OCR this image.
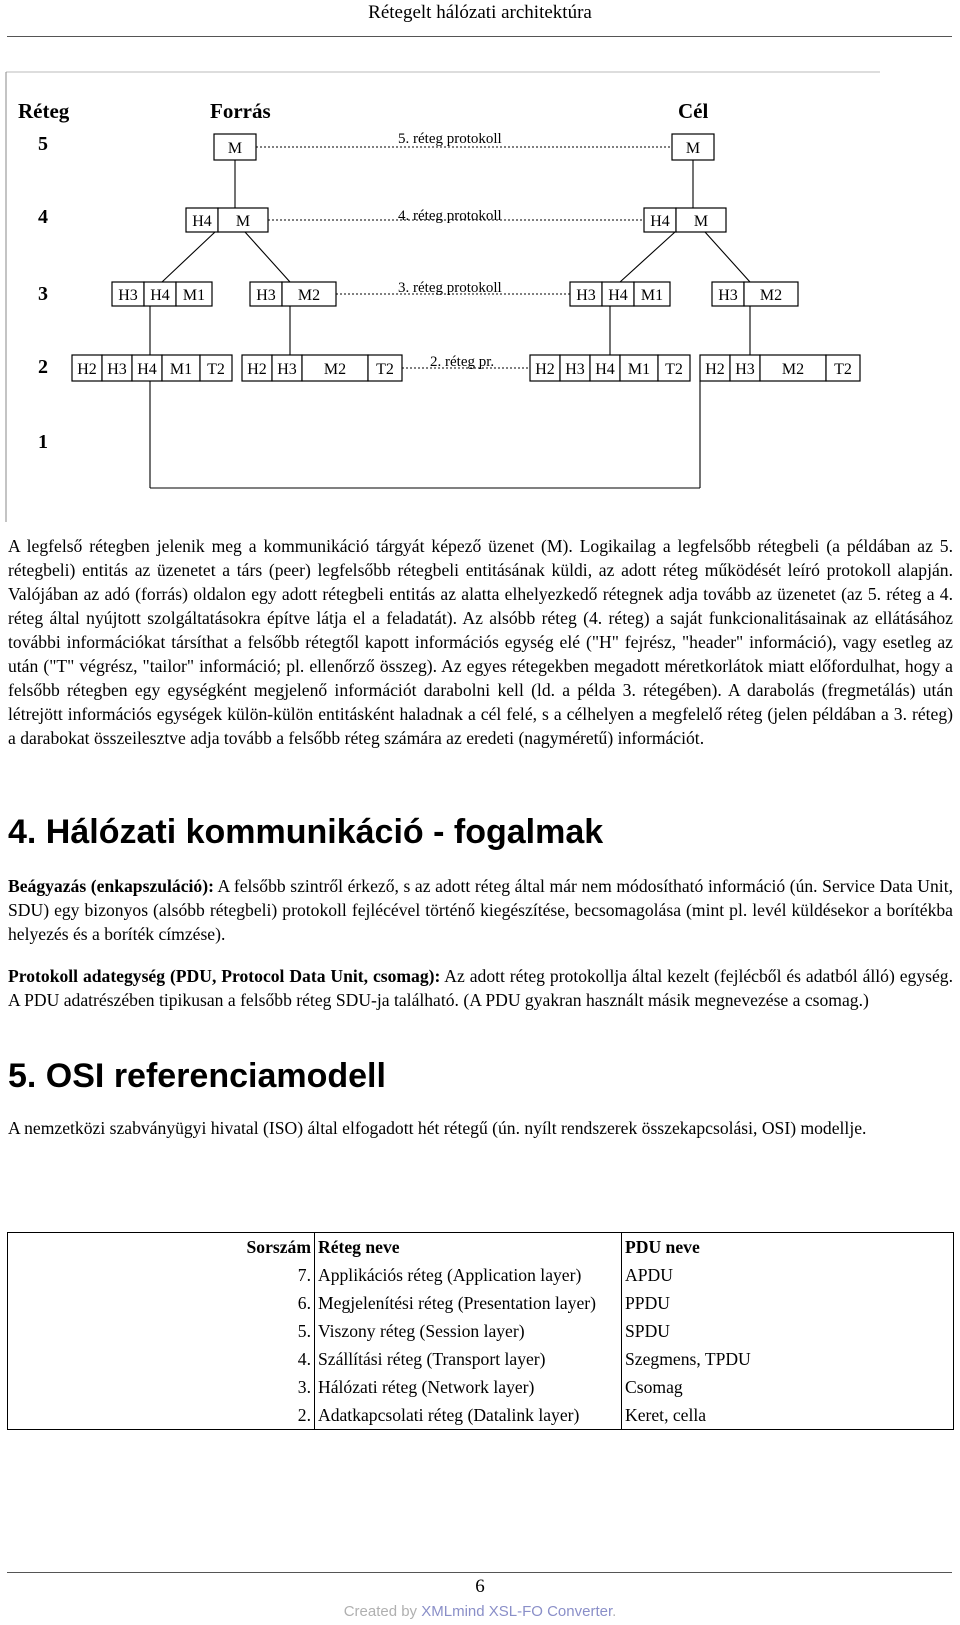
Rétegelt hálózati architektúra
Réteg	Forrás	Cél
5
4
3
2
1
M	M
H4 M	H4 M
H3 H4 M1	H3 M2	H3 H4 M1	H3 M2
H2 H3 H4 M1 T2 H2 H3 M2 T2	H2 H3 H4 M1 T2 H2 H3 M2 T2
5. réteg protokoll
4. réteg protokoll
3. réteg protokoll
2. réteg pr.

A legfelső rétegben jelenik meg a kommunikáció tárgyát képező üzenet (M). Logikailag a legfelsőbb rétegbeli (a példában az 5. rétegbeli) entitás az üzenetet a társ (peer) legfelsőbb rétegbeli entitásának küldi, az adott réteg működését leíró protokoll alapján. Valójában az adó (forrás) oldalon egy adott rétegbeli entitás az alatta elhelyezkedő rétegnek adja tovább az üzenetet (az 5. réteg a 4. réteg által nyújtott szolgáltatásokra építve látja el a feladatát). Az alsóbb réteg (4. réteg) a saját funkcionalitásainak az ellátásához további információkat társíthat a felsőbb rétegtől kapott információs egység elé ("H" fejrész, "header" információ), vagy esetleg az után ("T" végrész, "tailor" információ; pl. ellenőrző összeg). Az egyes rétegekben megadott méretkorlátok miatt előfordulhat, hogy a felsőbb rétegben egy egységként megjelenő információt darabolni kell (ld. a példa 3. rétegében). A darabolás (fregmetálás) után létrejött információs egységek külön-külön entitásként haladnak a cél felé, s a célhelyen a megfelelő réteg (jelen példában a 3. réteg) a darabokat összeilesztve adja tovább a felsőbb réteg számára az eredeti (nagyméretű) információt.

4. Hálózati kommunikáció - fogalmak

Beágyazás (enkapszuláció): A felsőbb szintről érkező, s az adott réteg által már nem módosítható információ (ún. Service Data Unit, SDU) egy bizonyos (alsóbb rétegbeli) protokoll fejlécével történő kiegészítése, becsomagolása (mint pl. levél küldésekor a borítékba helyezés és a boríték címzése).

Protokoll adategység (PDU, Protocol Data Unit, csomag): Az adott réteg protokollja által kezelt (fejlécből és adatból álló) egység. A PDU adatrészében tipikusan a felsőbb réteg SDU-ja található. (A PDU gyakran használt másik megnevezése a csomag.)

5. OSI referenciamodell

A nemzetközi szabványügyi hivatal (ISO) által elfogadott hét rétegű (ún. nyílt rendszerek összekapcsolási, OSI) modellje.

Sorszám	Réteg neve	PDU neve
7.	Applikációs réteg (Application layer)	APDU
6.	Megjelenítési réteg (Presentation layer)	PPDU
5.	Viszony réteg (Session layer)	SPDU
4.	Szállítási réteg (Transport layer)	Szegmens, TPDU
3.	Hálózati réteg (Network layer)	Csomag
2.	Adatkapcsolati réteg (Datalink layer)	Keret, cella
6
Created by XMLmind XSL-FO Converter.
